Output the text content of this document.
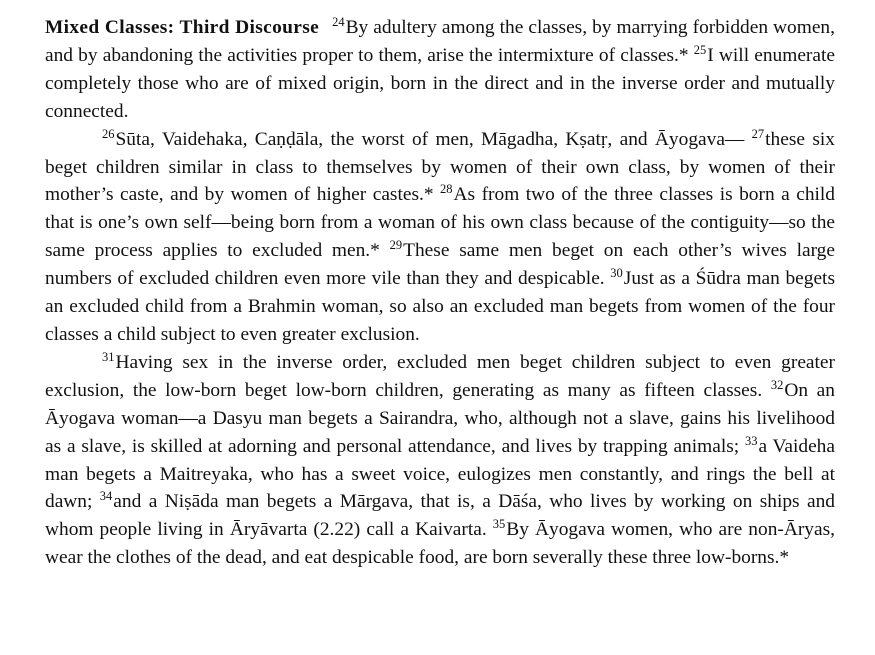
Mixed Classes: Third Discourse $^{24}$By adultery among the classes, by marrying forbidden women, and by abandoning the activities proper to them, arise the intermixture of classes.* $^{25}$I will enumerate completely those who are of mixed origin, born in the direct and in the inverse order and mutually connected.

$^{26}$Sūta, Vaidehaka, Caṇḍāla, the worst of men, Māgadha, Kṣatṛ, and Āyogava— $^{27}$these six beget children similar in class to themselves by women of their own class, by women of their mother’s caste, and by women of higher castes.* $^{28}$As from two of the three classes is born a child that is one’s own self—being born from a woman of his own class because of the contiguity—so the same process applies to excluded men.* $^{29}$These same men beget on each other’s wives large numbers of excluded children even more vile than they and despicable. $^{30}$Just as a Śūdra man begets an excluded child from a Brahmin woman, so also an excluded man begets from women of the four classes a child subject to even greater exclusion.

$^{31}$Having sex in the inverse order, excluded men beget children subject to even greater exclusion, the low-born beget low-born children, generating as many as fifteen classes. $^{32}$On an Āyogava woman—a Dasyu man begets a Sairandra, who, although not a slave, gains his livelihood as a slave, is skilled at adorning and personal attendance, and lives by trapping animals; $^{33}$a Vaideha man begets a Maitreyaka, who has a sweet voice, eulogizes men constantly, and rings the bell at dawn; $^{34}$and a Niṣāda man begets a Mārgava, that is, a Dāśa, who lives by working on ships and whom people living in Āryāvarta (2.22) call a Kaivarta. $^{35}$By Āyogava women, who are non-Āryas, wear the clothes of the dead, and eat despicable food, are born severally these three low-borns.*
